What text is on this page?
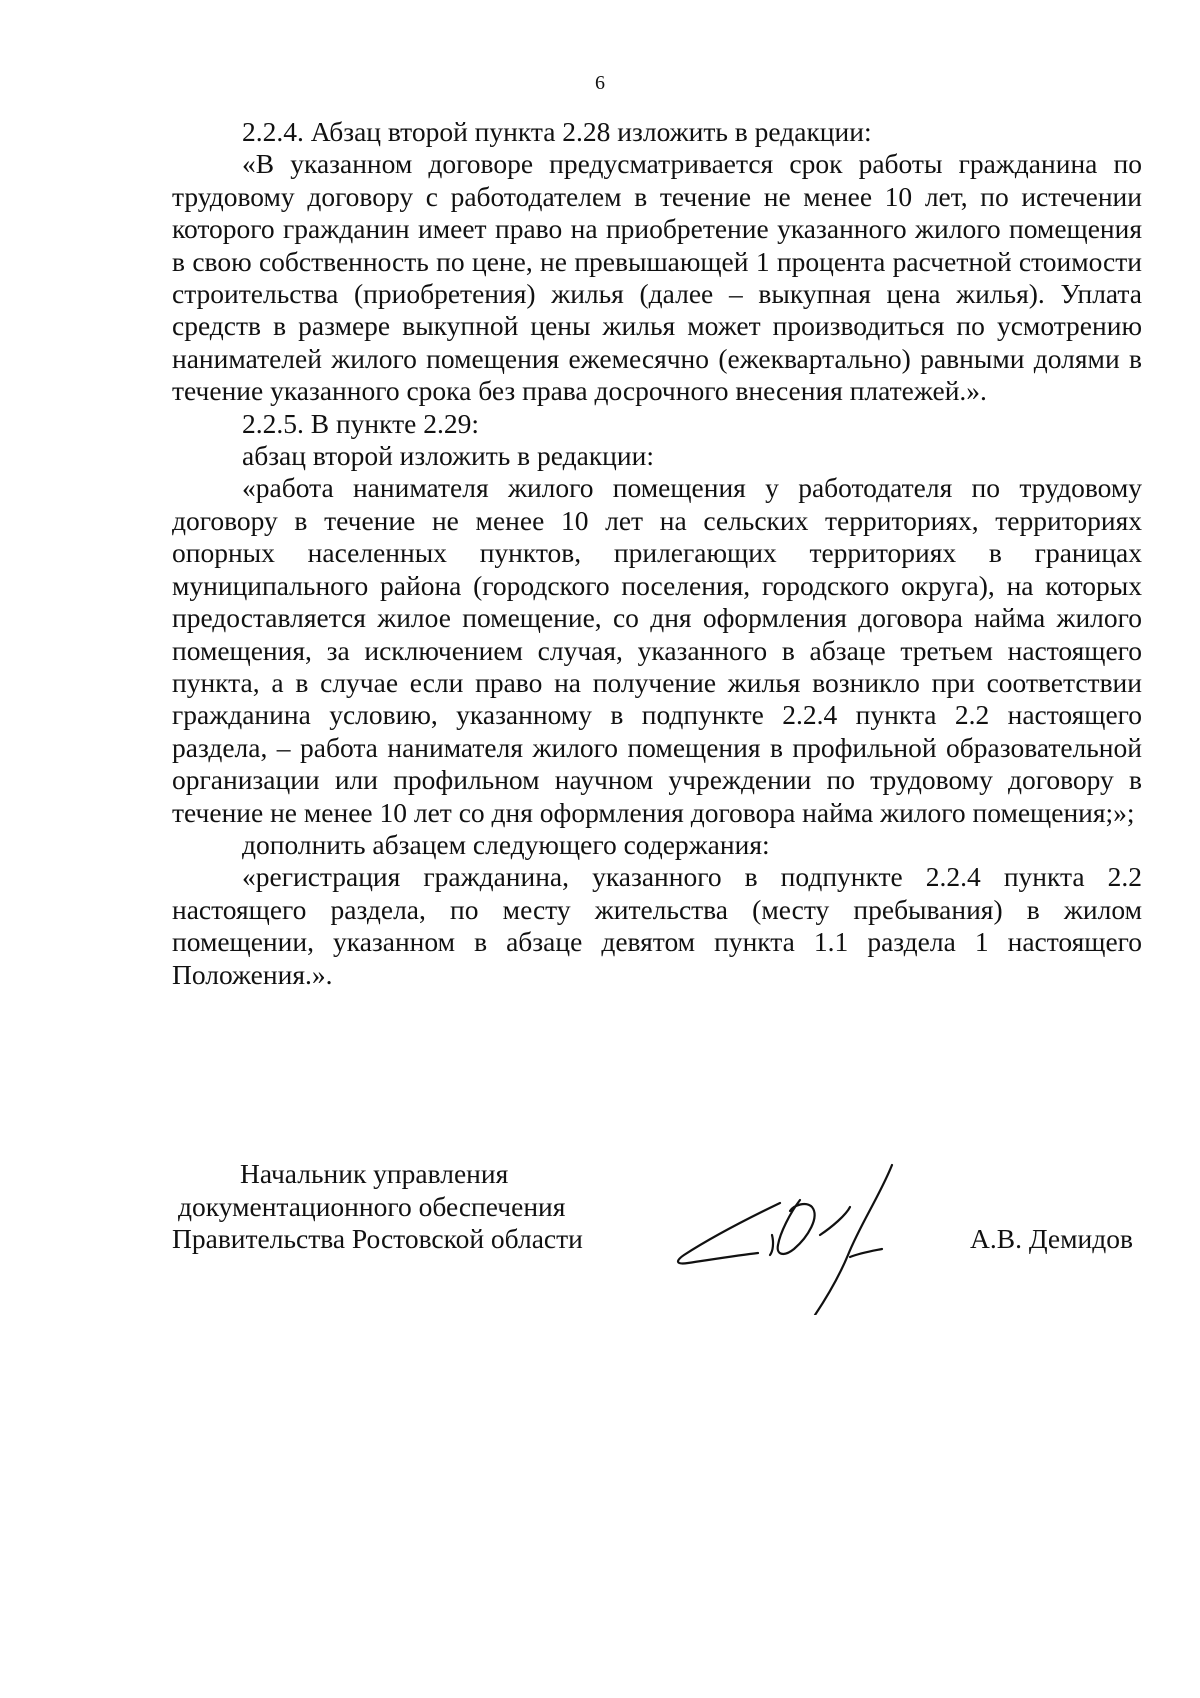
6

2.2.4. Абзац второй пункта 2.28 изложить в редакции:

«В указанном договоре предусматривается срок работы гражданина по трудовому договору с работодателем в течение не менее 10 лет, по истечении которого гражданин имеет право на приобретение указанного жилого помещения в свою собственность по цене, не превышающей 1 процента расчетной стоимости строительства (приобретения) жилья (далее – выкупная цена жилья). Уплата средств в размере выкупной цены жилья может производиться по усмотрению нанимателей жилого помещения ежемесячно (ежеквартально) равными долями в течение указанного срока без права досрочного внесения платежей.».

2.2.5. В пункте 2.29:

абзац второй изложить в редакции:

«работа нанимателя жилого помещения у работодателя по трудовому договору в течение не менее 10 лет на сельских территориях, территориях опорных населенных пунктов, прилегающих территориях в границах муниципального района (городского поселения, городского округа), на которых предоставляется жилое помещение, со дня оформления договора найма жилого помещения, за исключением случая, указанного в абзаце третьем настоящего пункта, а в случае если право на получение жилья возникло при соответствии гражданина условию, указанному в подпункте 2.2.4 пункта 2.2 настоящего раздела, – работа нанимателя жилого помещения в профильной образовательной организации или профильном научном учреждении по трудовому договору в течение не менее 10 лет со дня оформления договора найма жилого помещения;»;

дополнить абзацем следующего содержания:

«регистрация гражданина, указанного в подпункте 2.2.4 пункта 2.2 настоящего раздела, по месту жительства (месту пребывания) в жилом помещении, указанном в абзаце девятом пункта 1.1 раздела 1 настоящего Положения.».

Начальник управления
документационного обеспечения
Правительства Ростовской области	А.В. Демидов
